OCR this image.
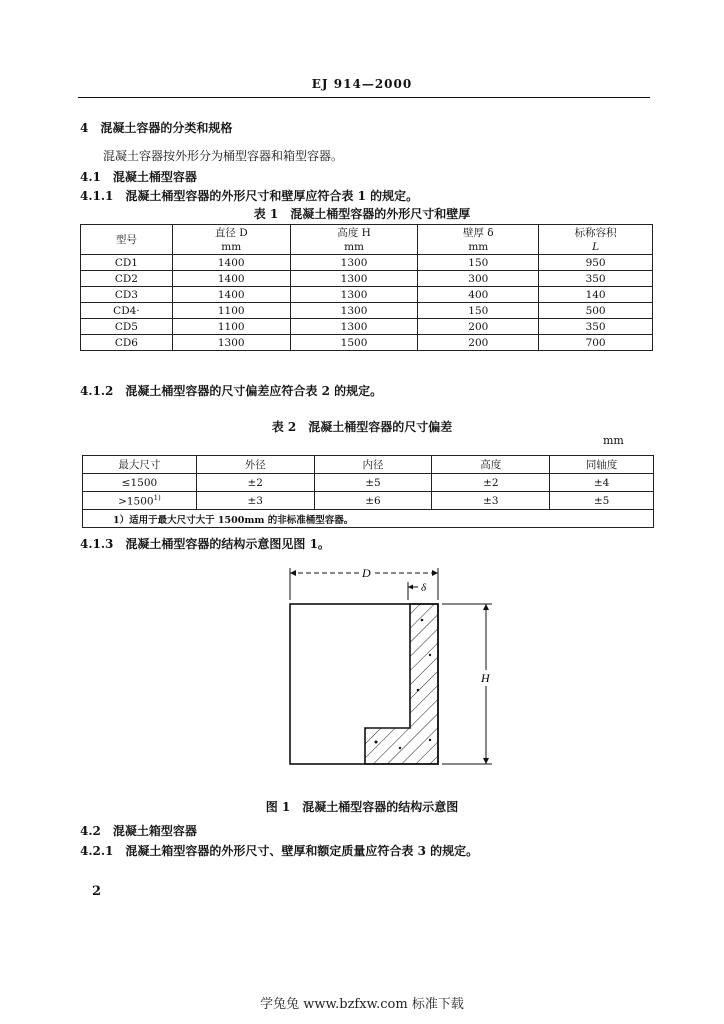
EJ 914—2000
4　混凝土容器的分类和规格
混凝土容器按外形分为桶型容器和箱型容器。
4.1　混凝土桶型容器
4.1.1　混凝土桶型容器的外形尺寸和壁厚应符合表 1 的规定。
表 1　混凝土桶型容器的外形尺寸和壁厚
型号	直径 D	高度 H	壁厚 δ	标称容积
	mm	mm	mm	L
CD1	1400	1300	150	950
CD2	1400	1300	300	350
CD3	1400	1300	400	140
CD4·	1100	1300	150	500
CD5	1100	1300	200	350
CD6	1300	1500	200	700
4.1.2　混凝土桶型容器的尺寸偏差应符合表 2 的规定。
表 2　混凝土桶型容器的尺寸偏差
mm
最大尺寸	外径	内径	高度	同轴度
≤1500	±2	±5	±2	±4
$>1500^{1)}$	±3	±6	±3	±5
1）适用于最大尺寸大于 1500mm 的非标准桶型容器。				
4.1.3　混凝土桶型容器的结构示意图见图 1。
D
δ
H
图 1　混凝土桶型容器的结构示意图
4.2　混凝土箱型容器
4.2.1　混凝土箱型容器的外形尺寸、壁厚和额定质量应符合表 3 的规定。
2
学兔兔 www.bzfxw.com 标准下载
